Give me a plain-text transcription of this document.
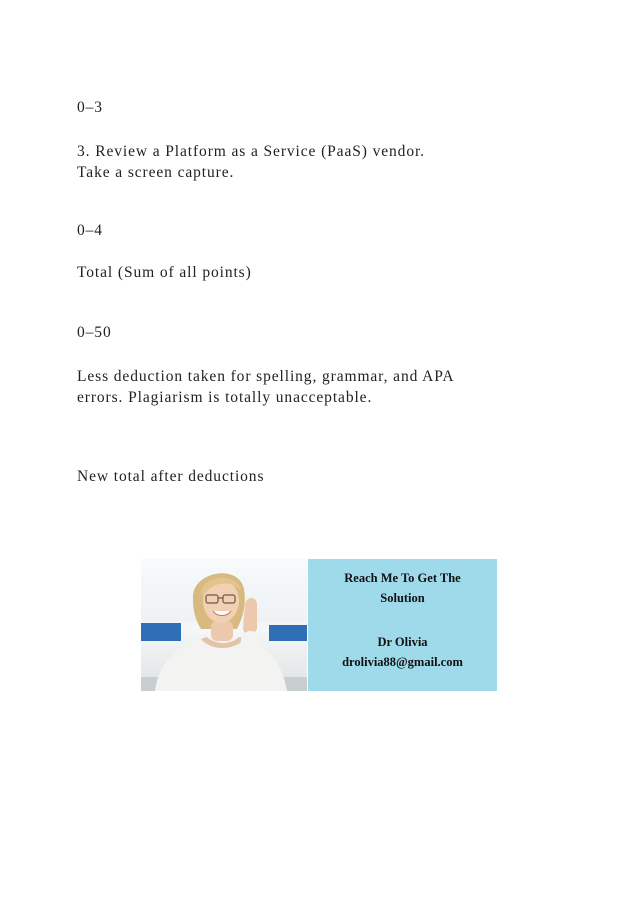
0–3

3. Review a Platform as a Service (PaaS) vendor.

Take a screen capture.

0–4

Total (Sum of all points)

0–50

Less deduction taken for spelling, grammar, and APA

errors. Plagiarism is totally unacceptable.

New total after deductions

Reach Me To Get The

Solution

Dr Olivia

drolivia88@gmail.com
